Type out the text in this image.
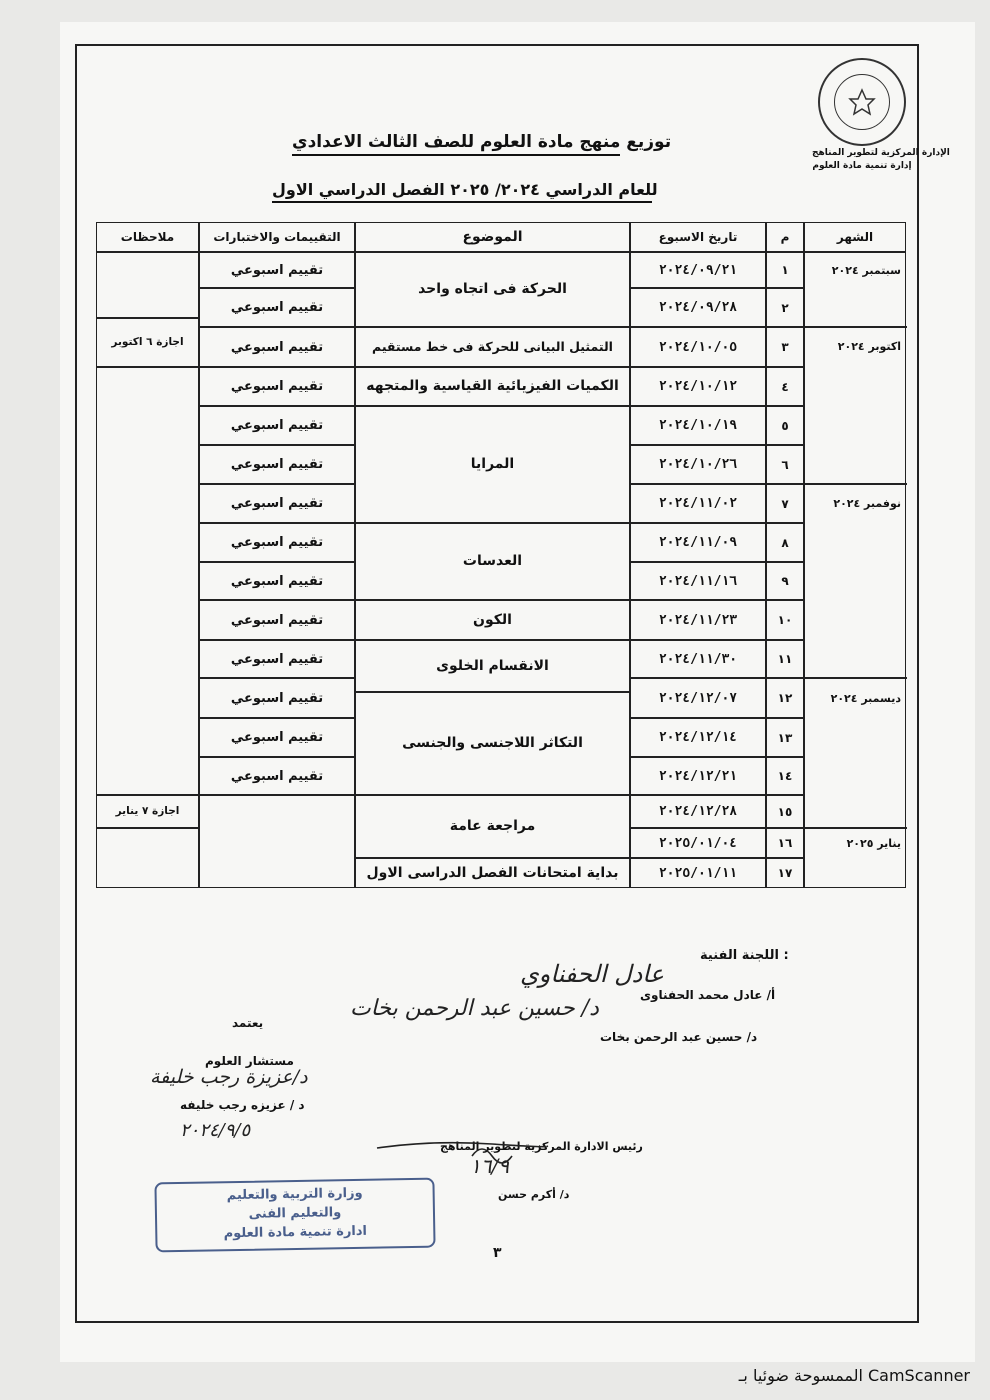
الإدارة المركزية لتطوير المناهج
إدارة تنمية مادة العلوم
توزيع منهج مادة العلوم للصف الثالث الاعدادي
للعام الدراسي ٢٠٢٤/ ٢٠٢٥ الفصل الدراسي الاول
الشهر
م
تاريخ الاسبوع
الموضوع
التقييمات والاختبارات
ملاحظات
سبتمبر ٢٠٢٤
اكتوبر ٢٠٢٤
نوفمبر ٢٠٢٤
ديسمبر ٢٠٢٤
يناير ٢٠٢٥
١
٢
٣
٤
٥
٦
٧
٨
٩
١٠
١١
١٢
١٣
١٤
١٥
١٦
١٧
٢٠٢٤/٠٩/٢١
٢٠٢٤/٠٩/٢٨
٢٠٢٤/١٠/٠٥
٢٠٢٤/١٠/١٢
٢٠٢٤/١٠/١٩
٢٠٢٤/١٠/٢٦
٢٠٢٤/١١/٠٢
٢٠٢٤/١١/٠٩
٢٠٢٤/١١/١٦
٢٠٢٤/١١/٢٣
٢٠٢٤/١١/٣٠
٢٠٢٤/١٢/٠٧
٢٠٢٤/١٢/١٤
٢٠٢٤/١٢/٢١
٢٠٢٤/١٢/٢٨
٢٠٢٥/٠١/٠٤
٢٠٢٥/٠١/١١
الحركة فى اتجاه واحد
التمثيل البيانى للحركة فى خط مستقيم
الكميات الفيزيائية القياسية والمتجهه
المرايا
العدسات
الكون
الانقسام الخلوى
التكاثر اللاجنسى والجنسى
مراجعة عامة
بداية امتحانات الفصل الدراسى الاول
تقييم اسبوعي
تقييم اسبوعي
تقييم اسبوعي
تقييم اسبوعي
تقييم اسبوعي
تقييم اسبوعي
تقييم اسبوعي
تقييم اسبوعي
تقييم اسبوعي
تقييم اسبوعي
تقييم اسبوعي
تقييم اسبوعي
تقييم اسبوعي
تقييم اسبوعي
اجازة ٦ اكتوبر
اجازة ٧ يناير
اللجنة الفنية :
أ/ عادل محمد الحفناوى
عادل الحفناوي
د/ حسين عبد الرحمن بخات
د/ حسين عبد الرحمن بخات
يعتمد
مستشار العلوم
د/عزيزة رجب خليفة
د / عزيزه رجب خليفه
٢٠٢٤/٩/٥
رئيس الادارة المركزية لتطوير المناهج
١٦/٩
د/ أكرم حسن
وزارة التربية والتعليم
والتعليم الفنى
ادارة تنمية مادة العلوم
٣
الممسوحة ضوئيا بـ CamScanner
